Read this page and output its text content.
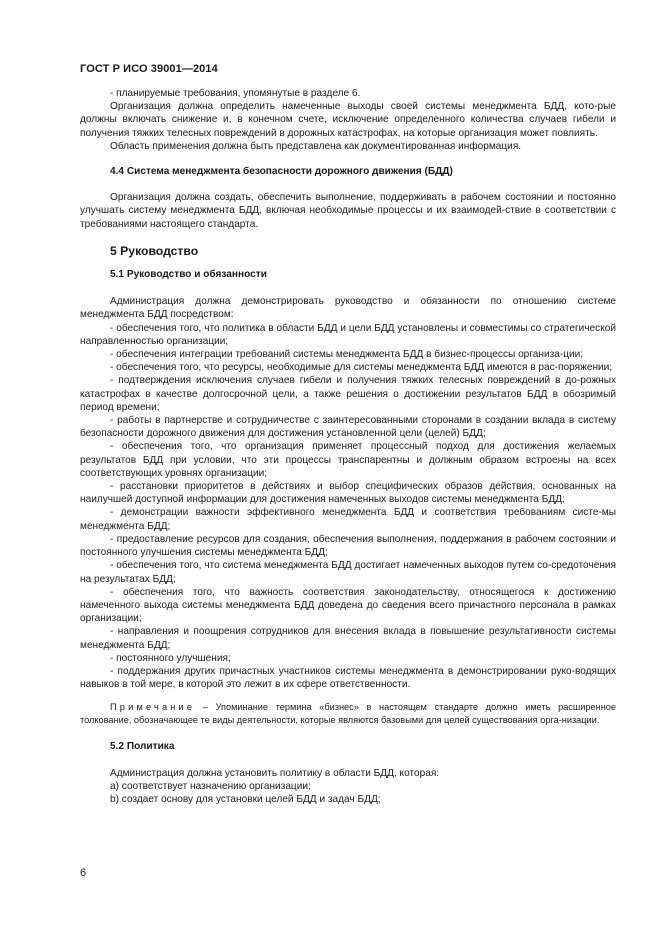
ГОСТ Р ИСО 39001—2014

- планируемые требования, упомянутые в разделе 6.

Организация должна определить намеченные выходы своей системы менеджмента БДД, кото-рые должны включать снижение и, в конечном счете, исключение определенного количества случаев гибели и получения тяжких телесных повреждений в дорожных катастрофах, на которые организация может повлиять.

Область применения должна быть представлена как документированная информация.

4.4 Система менеджмента безопасности дорожного движения (БДД)

Организация должна создать, обеспечить выполнение, поддерживать в рабочем состоянии и постоянно улучшать систему менеджмента БДД, включая необходимые процессы и их взаимодей-ствие в соответствии с требованиями настоящего стандарта.

5 Руководство

5.1 Руководство и обязанности

Администрация должна демонстрировать руководство и обязанности по отношению системе менеджмента БДД посредством:

- обеспечения того, что политика в области БДД и цели БДД установлены и совместимы со стратегической направленностью организации;

- обеспечения интеграции требований системы менеджмента БДД в бизнес-процессы организа-ции;

- обеспечения того, что ресурсы, необходимые для системы менеджмента БДД имеются в рас-поряжении;

- подтверждения исключения случаев гибели и получения тяжких телесных повреждений в до-рожных катастрофах в качестве долгосрочной цели, а также решения о достижении результатов БДД в обозримый период времени;

- работы в партнерстве и сотрудничестве с заинтересованными сторонами в создании вклада в систему безопасности дорожного движения для достижения установленной цели (целей) БДД;

- обеспечения того, что организация применяет процессный подход для достижения желаемых результатов БДД при условии, что эти процессы транспарентны и должным образом встроены на всех соответствующих уровнях организации;

- расстановки приоритетов в действиях и выбор специфических образов действия, основанных на наилучшей доступной информации для достижения намеченных выходов системы менеджмента БДД;

- демонстрации важности эффективного менеджмента БДД и соответствия требованиям систе-мы менеджмента БДД;

- предоставление ресурсов для создания, обеспечения выполнения, поддержания в рабочем состоянии и постоянного улучшения системы менеджмента БДД;

- обеспечения того, что система менеджмента БДД достигает намеченных выходов путем со-средоточения на результатах БДД;

- обеспечения того, что важность соответствия законодательству, относящегося к достижению намеченного выхода системы менеджмента БДД доведена до сведения всего причастного персонала в рамках организации;

- направления и поощрения сотрудников для внесения вклада в повышение результативности системы менеджмента БДД;

- постоянного улучшения;

- поддержания других причастных участников системы менеджмента в демонстрировании руко-водящих навыков в той мере, в которой это лежит в их сфере ответственности.

Примечание – Упоминание термина «бизнес» в настоящем стандарте должно иметь расширенное толкование, обозначающее те виды деятельности, которые являются базовыми для целей существования орга-низации.

5.2 Политика

Администрация должна установить политику в области БДД, которая:

a) соответствует назначению организации;

b) создает основу для установки целей БДД и задач БДД;

6
